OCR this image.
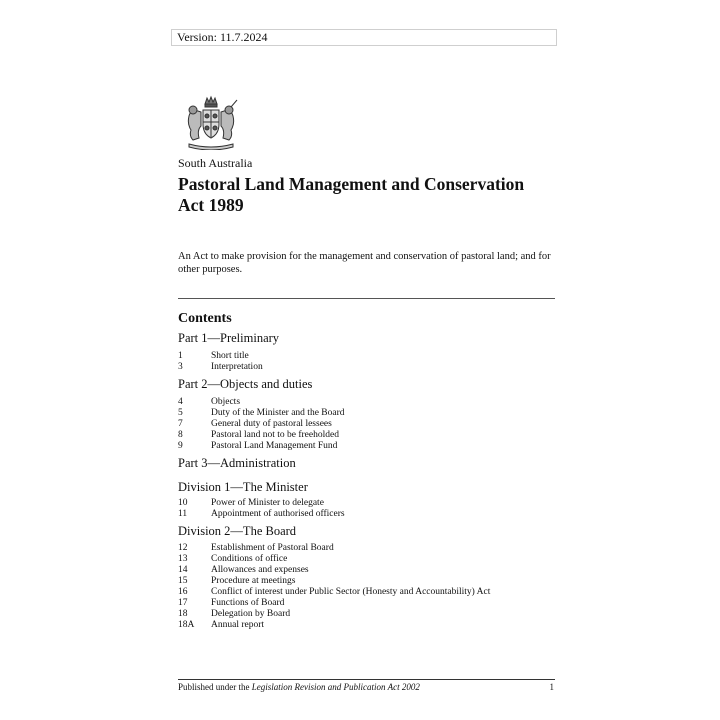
Version: 11.7.2024
South Australia
Pastoral Land Management and Conservation
Act 1989

An Act to make provision for the management and conservation of pastoral land; and for other purposes.

Contents
Part 1—Preliminary
1	Short title
3	Interpretation
Part 2—Objects and duties
4	Objects
5	Duty of the Minister and the Board
7	General duty of pastoral lessees
8	Pastoral land not to be freeholded
9	Pastoral Land Management Fund
Part 3—Administration
Division 1—The Minister
10 Power of Minister to delegate
11	Appointment of authorised officers
Division 2—The Board
12 Establishment of Pastoral Board
13 Conditions of office
14 Allowances and expenses
15 Procedure at meetings
16 Conflict of interest under Public Sector (Honesty and Accountability) Act
17 Functions of Board
18 Delegation by Board
18A Annual report
Published under the Legislation Revision and Publication Act 2002	1
